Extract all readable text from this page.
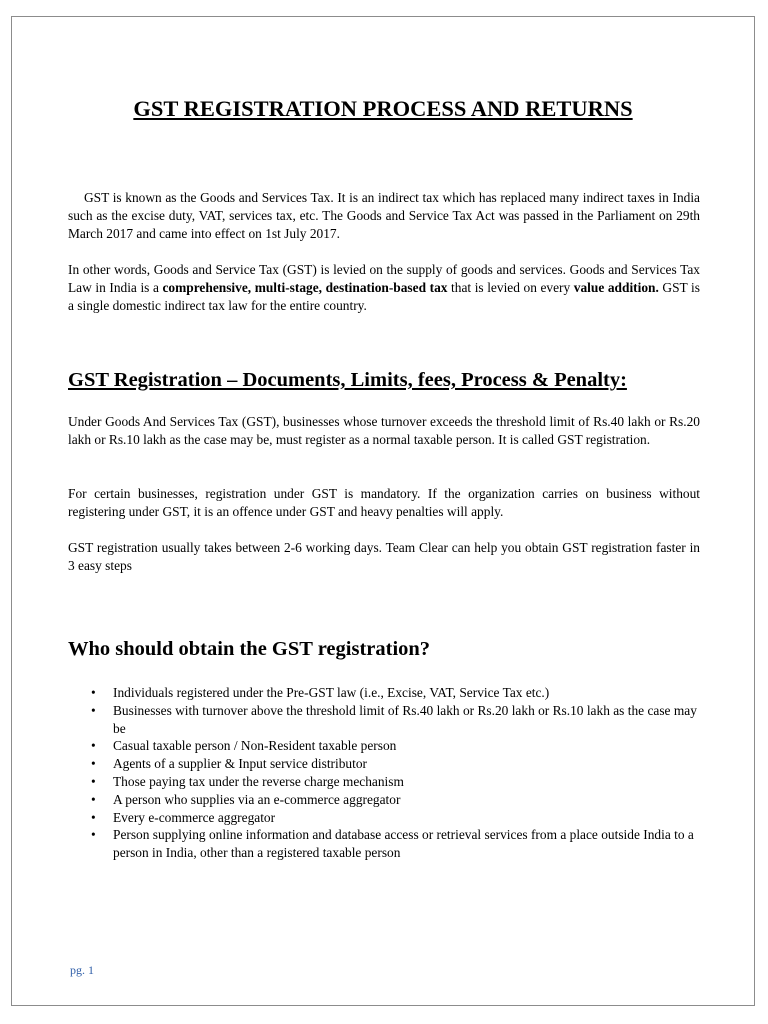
GST REGISTRATION PROCESS AND RETURNS

GST is known as the Goods and Services Tax. It is an indirect tax which has replaced many indirect taxes in India such as the excise duty, VAT, services tax, etc. The Goods and Service Tax Act was passed in the Parliament on 29th March 2017 and came into effect on 1st July 2017.

In other words, Goods and Service Tax (GST) is levied on the supply of goods and services. Goods and Services Tax Law in India is a comprehensive, multi-stage, destination-based tax that is levied on every value addition. GST is a single domestic indirect tax law for the entire country.

GST Registration – Documents, Limits, fees, Process & Penalty:

Under Goods And Services Tax (GST), businesses whose turnover exceeds the threshold limit of Rs.40 lakh or Rs.20 lakh or Rs.10 lakh as the case may be, must register as a normal taxable person. It is called GST registration.

For certain businesses, registration under GST is mandatory. If the organization carries on business without registering under GST, it is an offence under GST and heavy penalties will apply.

GST registration usually takes between 2-6 working days. Team Clear can help you obtain GST registration faster in 3 easy steps

Who should obtain the GST registration?
• Individuals registered under the Pre-GST law (i.e., Excise, VAT, Service Tax etc.)
• Businesses with turnover above the threshold limit of Rs.40 lakh or Rs.20 lakh or Rs.10 lakh as the case may be
• Casual taxable person / Non-Resident taxable person
• Agents of a supplier & Input service distributor
• Those paying tax under the reverse charge mechanism
• A person who supplies via an e-commerce aggregator
• Every e-commerce aggregator
• Person supplying online information and database access or retrieval services from a place outside India to a person in India, other than a registered taxable person
pg. 1
